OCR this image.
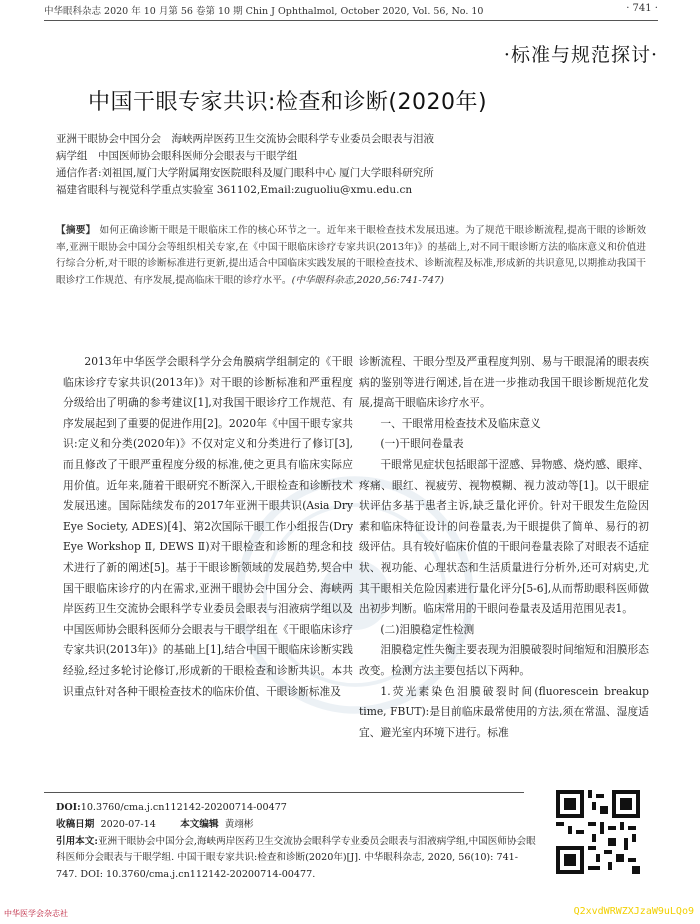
中华眼科杂志 2020 年 10 月第 56 卷第 10 期 Chin J Ophthalmol, October 2020, Vol. 56, No. 10	· 741 ·
·标准与规范探讨·
中国干眼专家共识:检查和诊断(2020年)
亚洲干眼协会中国分会　海峡两岸医药卫生交流协会眼科学专业委员会眼表与泪液
病学组　中国医师协会眼科医师分会眼表与干眼学组
通信作者:刘祖国,厦门大学附属翔安医院眼科及厦门眼科中心 厦门大学眼科研究所
福建省眼科与视觉科学重点实验室 361102,Email:zuguoliu@xmu.edu.cn
【摘要】 如何正确诊断干眼是干眼临床工作的核心环节之一。近年来干眼检查技术发展迅速。为了规范干眼诊断流程,提高干眼的诊断效率,亚洲干眼协会中国分会等组织相关专家,在《中国干眼临床诊疗专家共识(2013年)》的基础上,对不同干眼诊断方法的临床意义和价值进行综合分析,对干眼的诊断标准进行更新,提出适合中国临床实践发展的干眼检查技术、诊断流程及标准,形成新的共识意见,以期推动我国干眼诊疗工作规范、有序发展,提高临床干眼的诊疗水平。(中华眼科杂志,2020,56:741-747)

2013年中华医学会眼科学分会角膜病学组制定的《干眼临床诊疗专家共识(2013年)》对干眼的诊断标准和严重程度分级给出了明确的参考建议[1],对我国干眼诊疗工作规范、有序发展起到了重要的促进作用[2]。2020年《中国干眼专家共识:定义和分类(2020年)》不仅对定义和分类进行了修订[3],而且修改了干眼严重程度分级的标准,使之更具有临床实际应用价值。近年来,随着干眼研究不断深入,干眼检查和诊断技术发展迅速。国际陆续发布的2017年亚洲干眼共识(Asia Dry Eye Society, ADES)[4]、第2次国际干眼工作小组报告(Dry Eye Workshop Ⅱ, DEWS Ⅱ)对干眼检查和诊断的理念和技术进行了新的阐述[5]。基于干眼诊断领域的发展趋势,契合中国干眼临床诊疗的内在需求,亚洲干眼协会中国分会、海峡两岸医药卫生交流协会眼科学专业委员会眼表与泪液病学组以及中国医师协会眼科医师分会眼表与干眼学组在《干眼临床诊疗专家共识(2013年)》的基础上[1],结合中国干眼临床诊断实践经验,经过多轮讨论修订,形成新的干眼检查和诊断共识。本共识重点针对各种干眼检查技术的临床价值、干眼诊断标准及

诊断流程、干眼分型及严重程度判别、易与干眼混淆的眼表疾病的鉴别等进行阐述,旨在进一步推动我国干眼诊断规范化发展,提高干眼临床诊疗水平。

一、干眼常用检查技术及临床意义
(一)干眼问卷量表

干眼常见症状包括眼部干涩感、异物感、烧灼感、眼痒、疼痛、眼红、视疲劳、视物模糊、视力波动等[1]。以干眼症状评估多基于患者主诉,缺乏量化评价。针对干眼发生危险因素和临床特征设计的问卷量表,为干眼提供了简单、易行的初级评估。具有较好临床价值的干眼问卷量表除了对眼表不适症状、视功能、心理状态和生活质量进行分析外,还可对病史,尤其干眼相关危险因素进行量化评分[5-6],从而帮助眼科医师做出初步判断。临床常用的干眼问卷量表及适用范围见表1。

(二)泪膜稳定性检测

泪膜稳定性失衡主要表现为泪膜破裂时间缩短和泪膜形态改变。检测方法主要包括以下两种。

1.荧光素染色泪膜破裂时间(fluorescein breakup time, FBUT):是目前临床最常使用的方法,须在常温、湿度适宜、避光室内环境下进行。标准

DOI:10.3760/cma.j.cn112142-20200714-00477
收稿日期 2020-07-14	本文编辑 黄翊彬
引用本文:亚洲干眼协会中国分会,海峡两岸医药卫生交流协会眼科学专业委员会眼表与泪液病学组,中国医师协会眼科医师分会眼表与干眼学组. 中国干眼专家共识:检查和诊断(2020年)[J]. 中华眼科杂志, 2020, 56(10): 741-747. DOI: 10.3760/cma.j.cn112142-20200714-00477.
中华医学会杂志社	Q2xvdWRWZXJzaW9uLQo9
